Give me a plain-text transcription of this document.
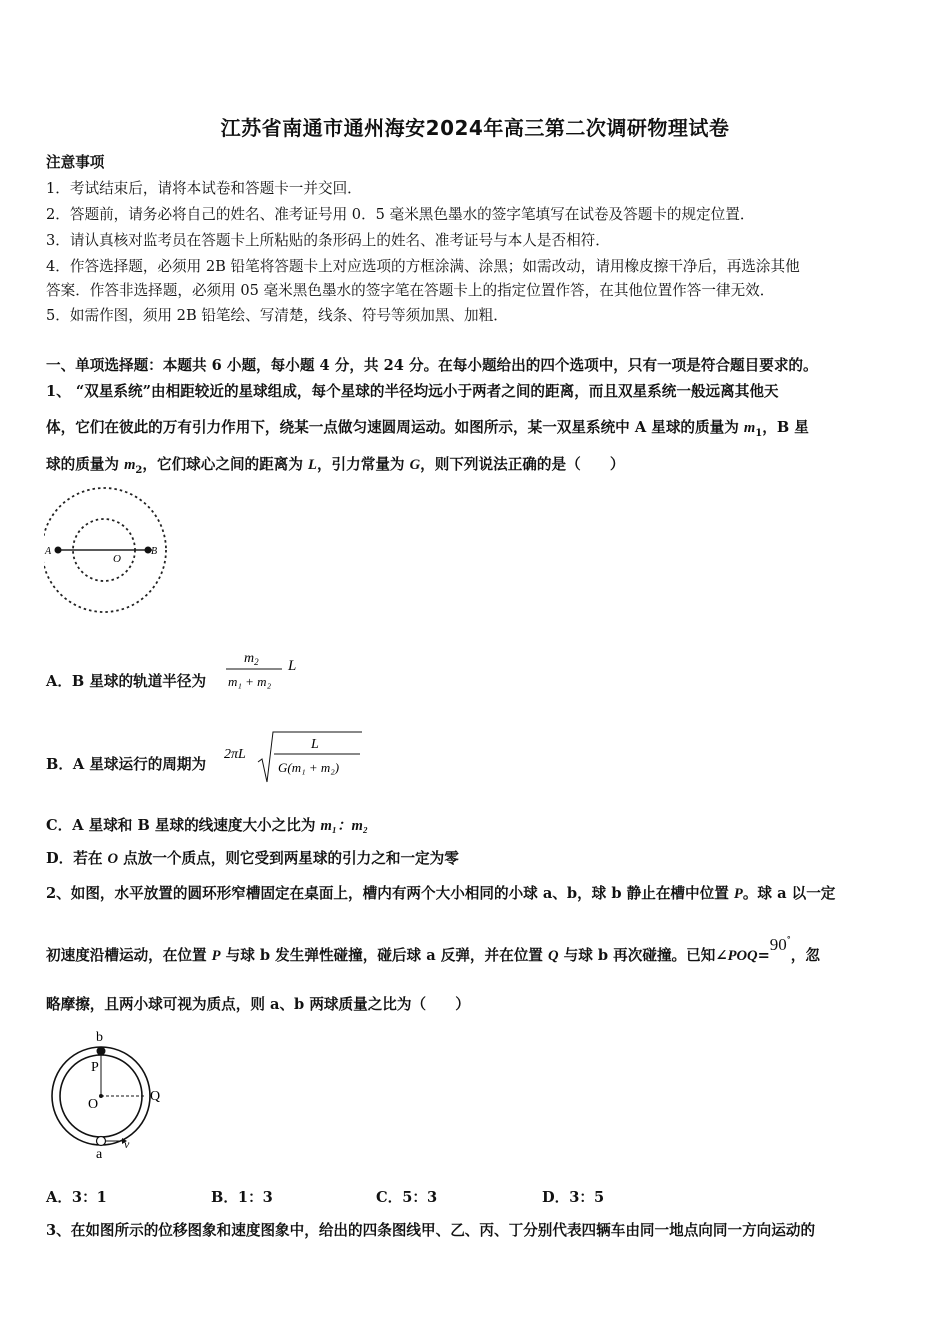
江苏省南通市通州海安2024年高三第二次调研物理试卷
注意事项
1．考试结束后，请将本试卷和答题卡一并交回．
2．答题前，请务必将自己的姓名、准考证号用 0．5 毫米黑色墨水的签字笔填写在试卷及答题卡的规定位置．
3．请认真核对监考员在答题卡上所粘贴的条形码上的姓名、准考证号与本人是否相符．
4．作答选择题，必须用 2B 铅笔将答题卡上对应选项的方框涂满、涂黑；如需改动，请用橡皮擦干净后，再选涂其他
答案．作答非选择题，必须用 05 毫米黑色墨水的签字笔在答题卡上的指定位置作答，在其他位置作答一律无效．
5．如需作图，须用 2B 铅笔绘、写清楚，线条、符号等须加黑、加粗．
一、单项选择题：本题共 6 小题，每小题 4 分，共 24 分。在每小题给出的四个选项中，只有一项是符合题目要求的。
1、 “双星系统”由相距较近的星球组成，每个星球的半径均远小于两者之间的距离，而且双星系统一般远离其他天
体，它们在彼此的万有引力作用下，绕某一点做匀速圆周运动。如图所示，某一双星系统中 A 星球的质量为 $m_1$，B 星
球的质量为 $m_2$，它们球心之间的距离为 L，引力常量为 G，则下列说法正确的是（　　）
A
O
B
A．B 星球的轨道半径为
$m_2$
m₁ + m₂
L
B．A 星球运行的周期为
2πL
L
G(m₁ + m₂)
C．A 星球和 B 星球的线速度大小之比为 m₁：m₂
D．若在 O 点放一个质点，则它受到两星球的引力之和一定为零
2、如图，水平放置的圆环形窄槽固定在桌面上，槽内有两个大小相同的小球 a、b，球 b 静止在槽中位置 P。球 a 以一定
初速度沿槽运动，在位置 P 与球 b 发生弹性碰撞，碰后球 a 反弹，并在位置 Q 与球 b 再次碰撞。已知∠POQ=90°，忽
略摩擦，且两小球可视为质点，则 a、b 两球质量之比为（　　）
b
P
O
Q
a
v
A．3：1	B．1：3	C．5：3	D．3：5
3、在如图所示的位移图象和速度图象中，给出的四条图线甲、乙、丙、丁分别代表四辆车由同一地点向同一方向运动的
